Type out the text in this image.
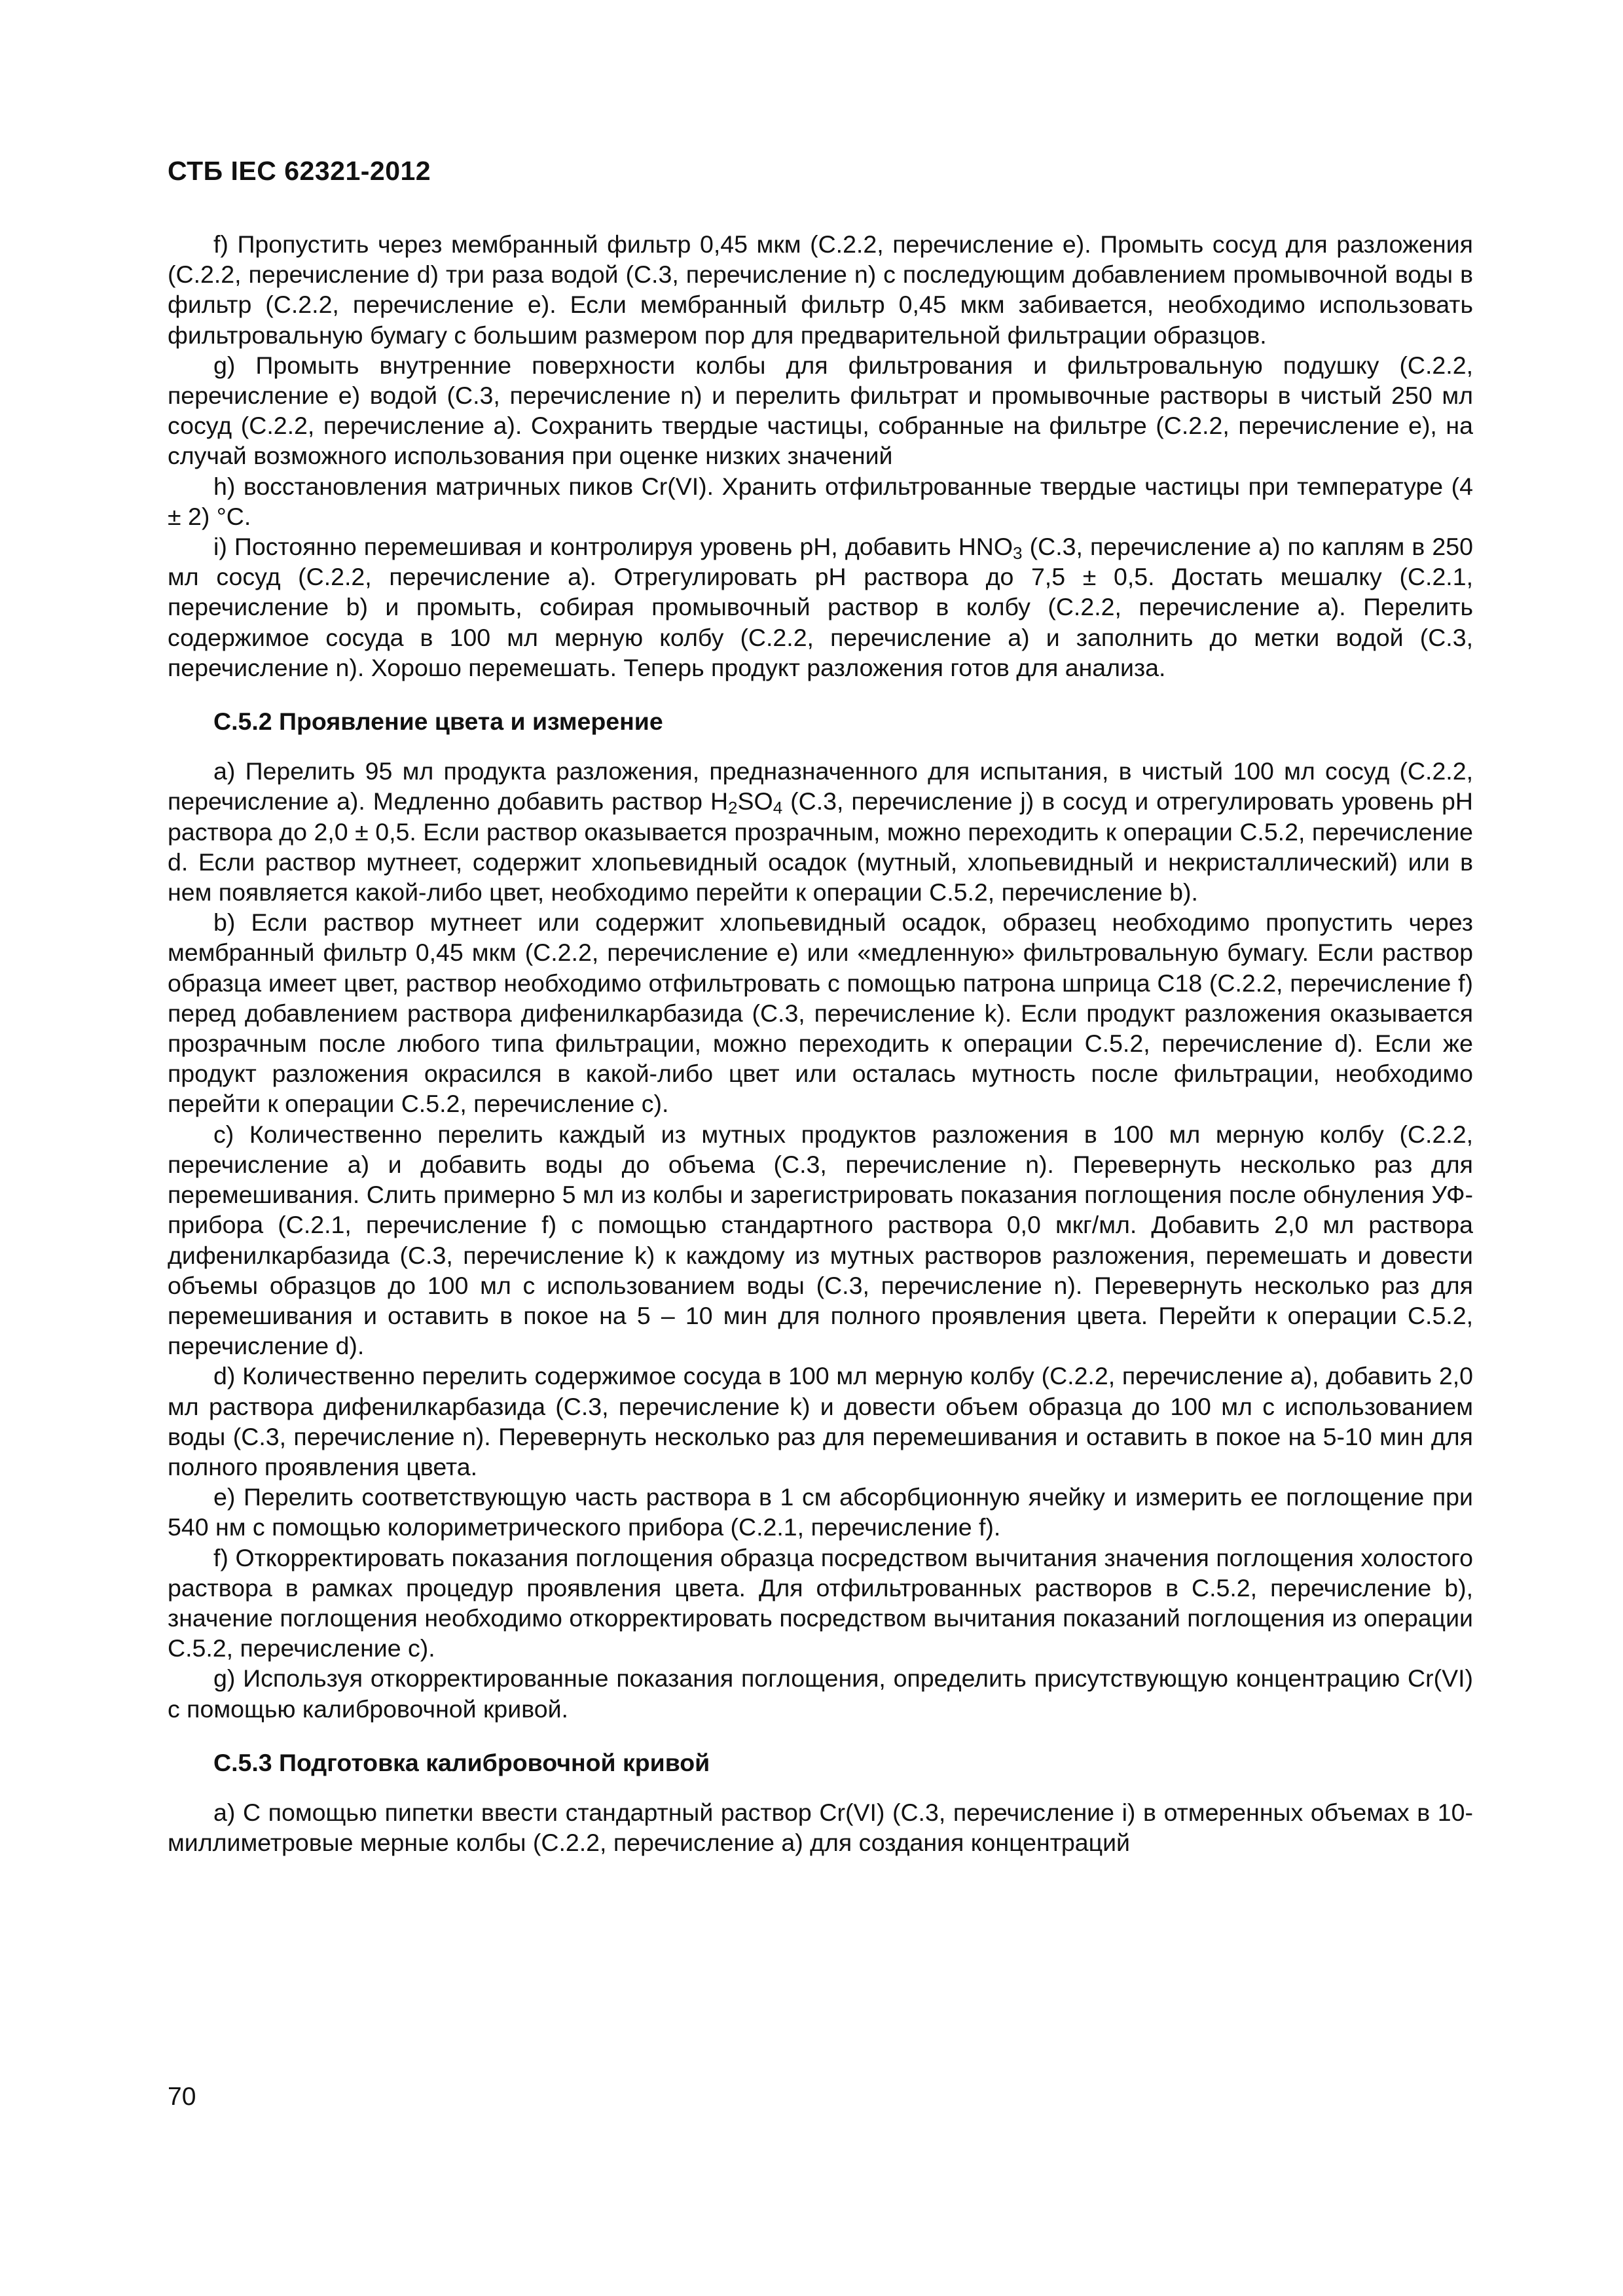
СТБ IEC 62321-2012

f) Пропустить через мембранный фильтр 0,45 мкм (С.2.2, перечисление е). Промыть сосуд для разложения (С.2.2, перечисление d) три раза водой (С.3, перечисление n) с последующим добавлением промывочной воды в фильтр (С.2.2, перечисление е). Если мембранный фильтр 0,45 мкм забивается, необходимо использовать фильтровальную бумагу с большим размером пор для предварительной фильтрации образцов.

g) Промыть внутренние поверхности колбы для фильтрования и фильтровальную подушку (С.2.2, перечисление е) водой (С.3, перечисление n) и перелить фильтрат и промывочные растворы в чистый 250 мл сосуд (С.2.2, перечисление а). Сохранить твердые частицы, собранные на фильтре (С.2.2, перечисление е), на случай возможного использования при оценке низких значений

h) восстановления матричных пиков Cr(VI). Хранить отфильтрованные твердые частицы при температуре (4 ± 2) °С.

i) Постоянно перемешивая и контролируя уровень pH, добавить $HNO_3$ (С.3, перечисление а) по каплям в 250 мл сосуд (С.2.2, перечисление а). Отрегулировать pH раствора до 7,5 ± 0,5. Достать мешалку (С.2.1, перечисление b) и промыть, собирая промывочный раствор в колбу (С.2.2, перечисление а). Перелить содержимое сосуда в 100 мл мерную колбу (С.2.2, перечисление а) и заполнить до метки водой (С.3, перечисление n). Хорошо перемешать. Теперь продукт разложения готов для анализа.

С.5.2 Проявление цвета и измерение

а) Перелить 95 мл продукта разложения, предназначенного для испытания, в чистый 100 мл сосуд (С.2.2, перечисление а). Медленно добавить раствор $H_2SO_4$ (С.3, перечисление j) в сосуд и отрегулировать уровень pH раствора до 2,0 ± 0,5. Если раствор оказывается прозрачным, можно переходить к операции С.5.2, перечисление d. Если раствор мутнеет, содержит хлопьевидный осадок (мутный, хлопьевидный и некристаллический) или в нем появляется какой-либо цвет, необходимо перейти к операции С.5.2, перечисление b).

b) Если раствор мутнеет или содержит хлопьевидный осадок, образец необходимо пропустить через мембранный фильтр 0,45 мкм (С.2.2, перечисление е) или «медленную» фильтровальную бумагу. Если раствор образца имеет цвет, раствор необходимо отфильтровать с помощью патрона шприца С18 (С.2.2, перечисление f) перед добавлением раствора дифенилкарбазида (С.3, перечисление k). Если продукт разложения оказывается прозрачным после любого типа фильтрации, можно переходить к операции С.5.2, перечисление d). Если же продукт разложения окрасился в какой-либо цвет или осталась мутность после фильтрации, необходимо перейти к операции С.5.2, перечисление с).

с) Количественно перелить каждый из мутных продуктов разложения в 100 мл мерную колбу (С.2.2, перечисление а) и добавить воды до объема (С.3, перечисление n). Перевернуть несколько раз для перемешивания. Слить примерно 5 мл из колбы и зарегистрировать показания поглощения после обнуления УФ-прибора (С.2.1, перечисление f) с помощью стандартного раствора 0,0 мкг/мл. Добавить 2,0 мл раствора дифенилкарбазида (С.3, перечисление k) к каждому из мутных растворов разложения, перемешать и довести объемы образцов до 100 мл с использованием воды (С.3, перечисление n). Перевернуть несколько раз для перемешивания и оставить в покое на 5 – 10 мин для полного проявления цвета. Перейти к операции С.5.2, перечисление d).

d) Количественно перелить содержимое сосуда в 100 мл мерную колбу (С.2.2, перечисление а), добавить 2,0 мл раствора дифенилкарбазида (С.3, перечисление k) и довести объем образца до 100 мл с использованием воды (С.3, перечисление n). Перевернуть несколько раз для перемешивания и оставить в покое на 5-10 мин для полного проявления цвета.

е) Перелить соответствующую часть раствора в 1 см абсорбционную ячейку и измерить ее поглощение при 540 нм с помощью колориметрического прибора (С.2.1, перечисление f).

f) Откорректировать показания поглощения образца посредством вычитания значения поглощения холостого раствора в рамках процедур проявления цвета. Для отфильтрованных растворов в С.5.2, перечисление b), значение поглощения необходимо откорректировать посредством вычитания показаний поглощения из операции С.5.2, перечисление с).

g) Используя откорректированные показания поглощения, определить присутствующую концентрацию Cr(VI) с помощью калибровочной кривой.

С.5.3 Подготовка калибровочной кривой

а) С помощью пипетки ввести стандартный раствор Cr(VI) (С.3, перечисление i) в отмеренных объемах в 10-миллиметровые мерные колбы (С.2.2, перечисление а) для создания концентраций

70
